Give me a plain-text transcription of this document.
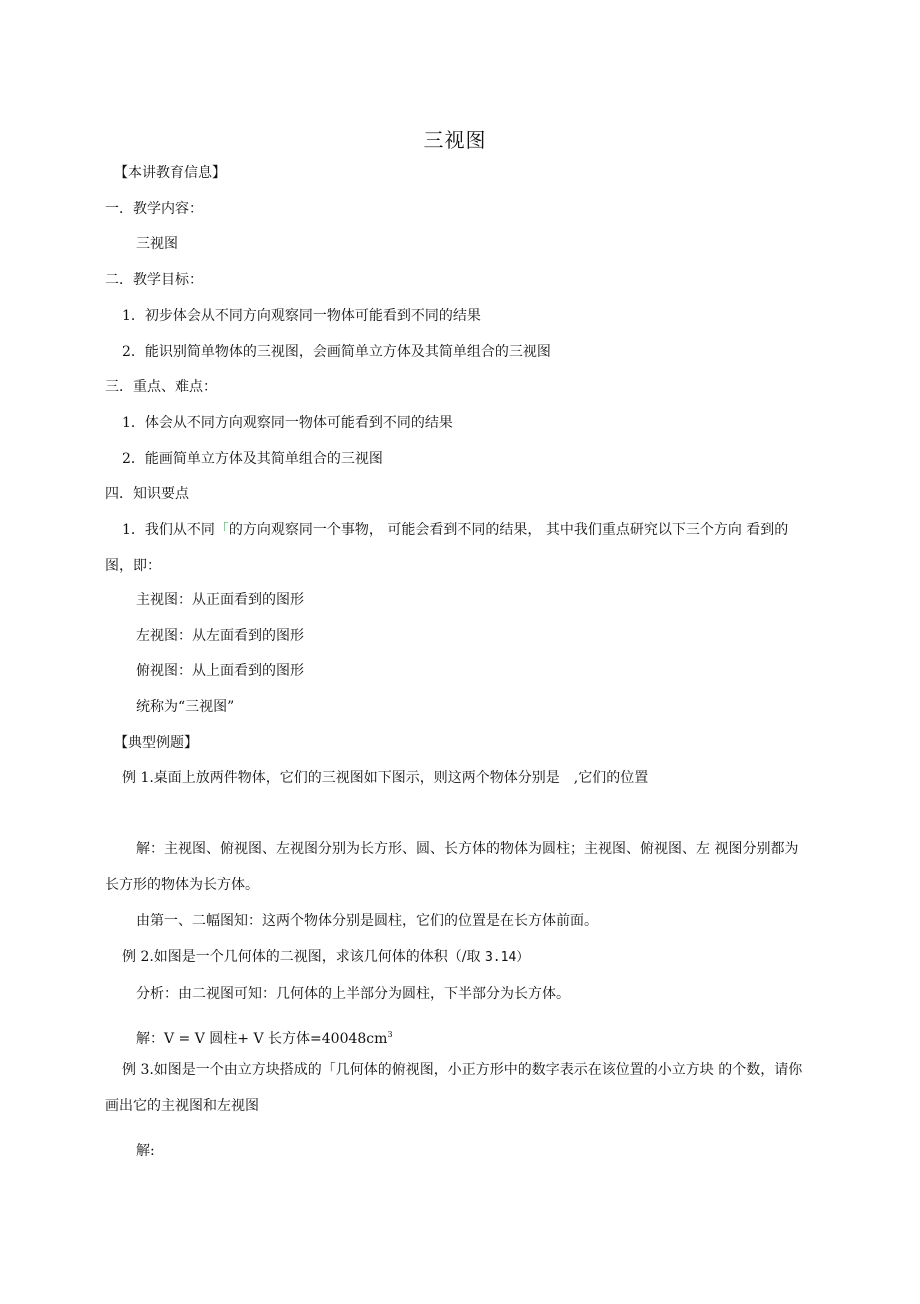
三视图
【本讲教育信息】
一．教学内容：
三视图
二．教学目标：
1．初步体会从不同方向观察同一物体可能看到不同的结果
2．能识别简单物体的三视图，会画简单立方体及其简单组合的三视图
三．重点、难点：
1．体会从不同方向观察同一物体可能看到不同的结果
2．能画简单立方体及其简单组合的三视图
四．知识要点
1．我们从不同「的方向观察同一个事物， 可能会看到不同的结果， 其中我们重点研究以下三个方向 看到的图，即：
主视图：从正面看到的图形
左视图：从左面看到的图形
俯视图：从上面看到的图形
统称为“三视图”
【典型例题】
例 1.桌面上放两件物体，它们的三视图如下图示，则这两个物体分别是　,它们的位置
解：主视图、俯视图、左视图分别为长方形、圆、长方体的物体为圆柱；主视图、俯视图、左 视图分别都为长方形的物体为长方体。
由第一、二幅图知：这两个物体分别是圆柱，它们的位置是在长方体前面。
例 2.如图是一个几何体的二视图，求该几何体的体积（/取 3.14）
分析：由二视图可知：几何体的上半部分为圆柱，下半部分为长方体。
解：V = V 圆柱+ V 长方体$=40048cm^3$
例 3.如图是一个由立方块搭成的「几何体的俯视图，小正方形中的数字表示在该位置的小立方块 的个数，请你画出它的主视图和左视图
解:
